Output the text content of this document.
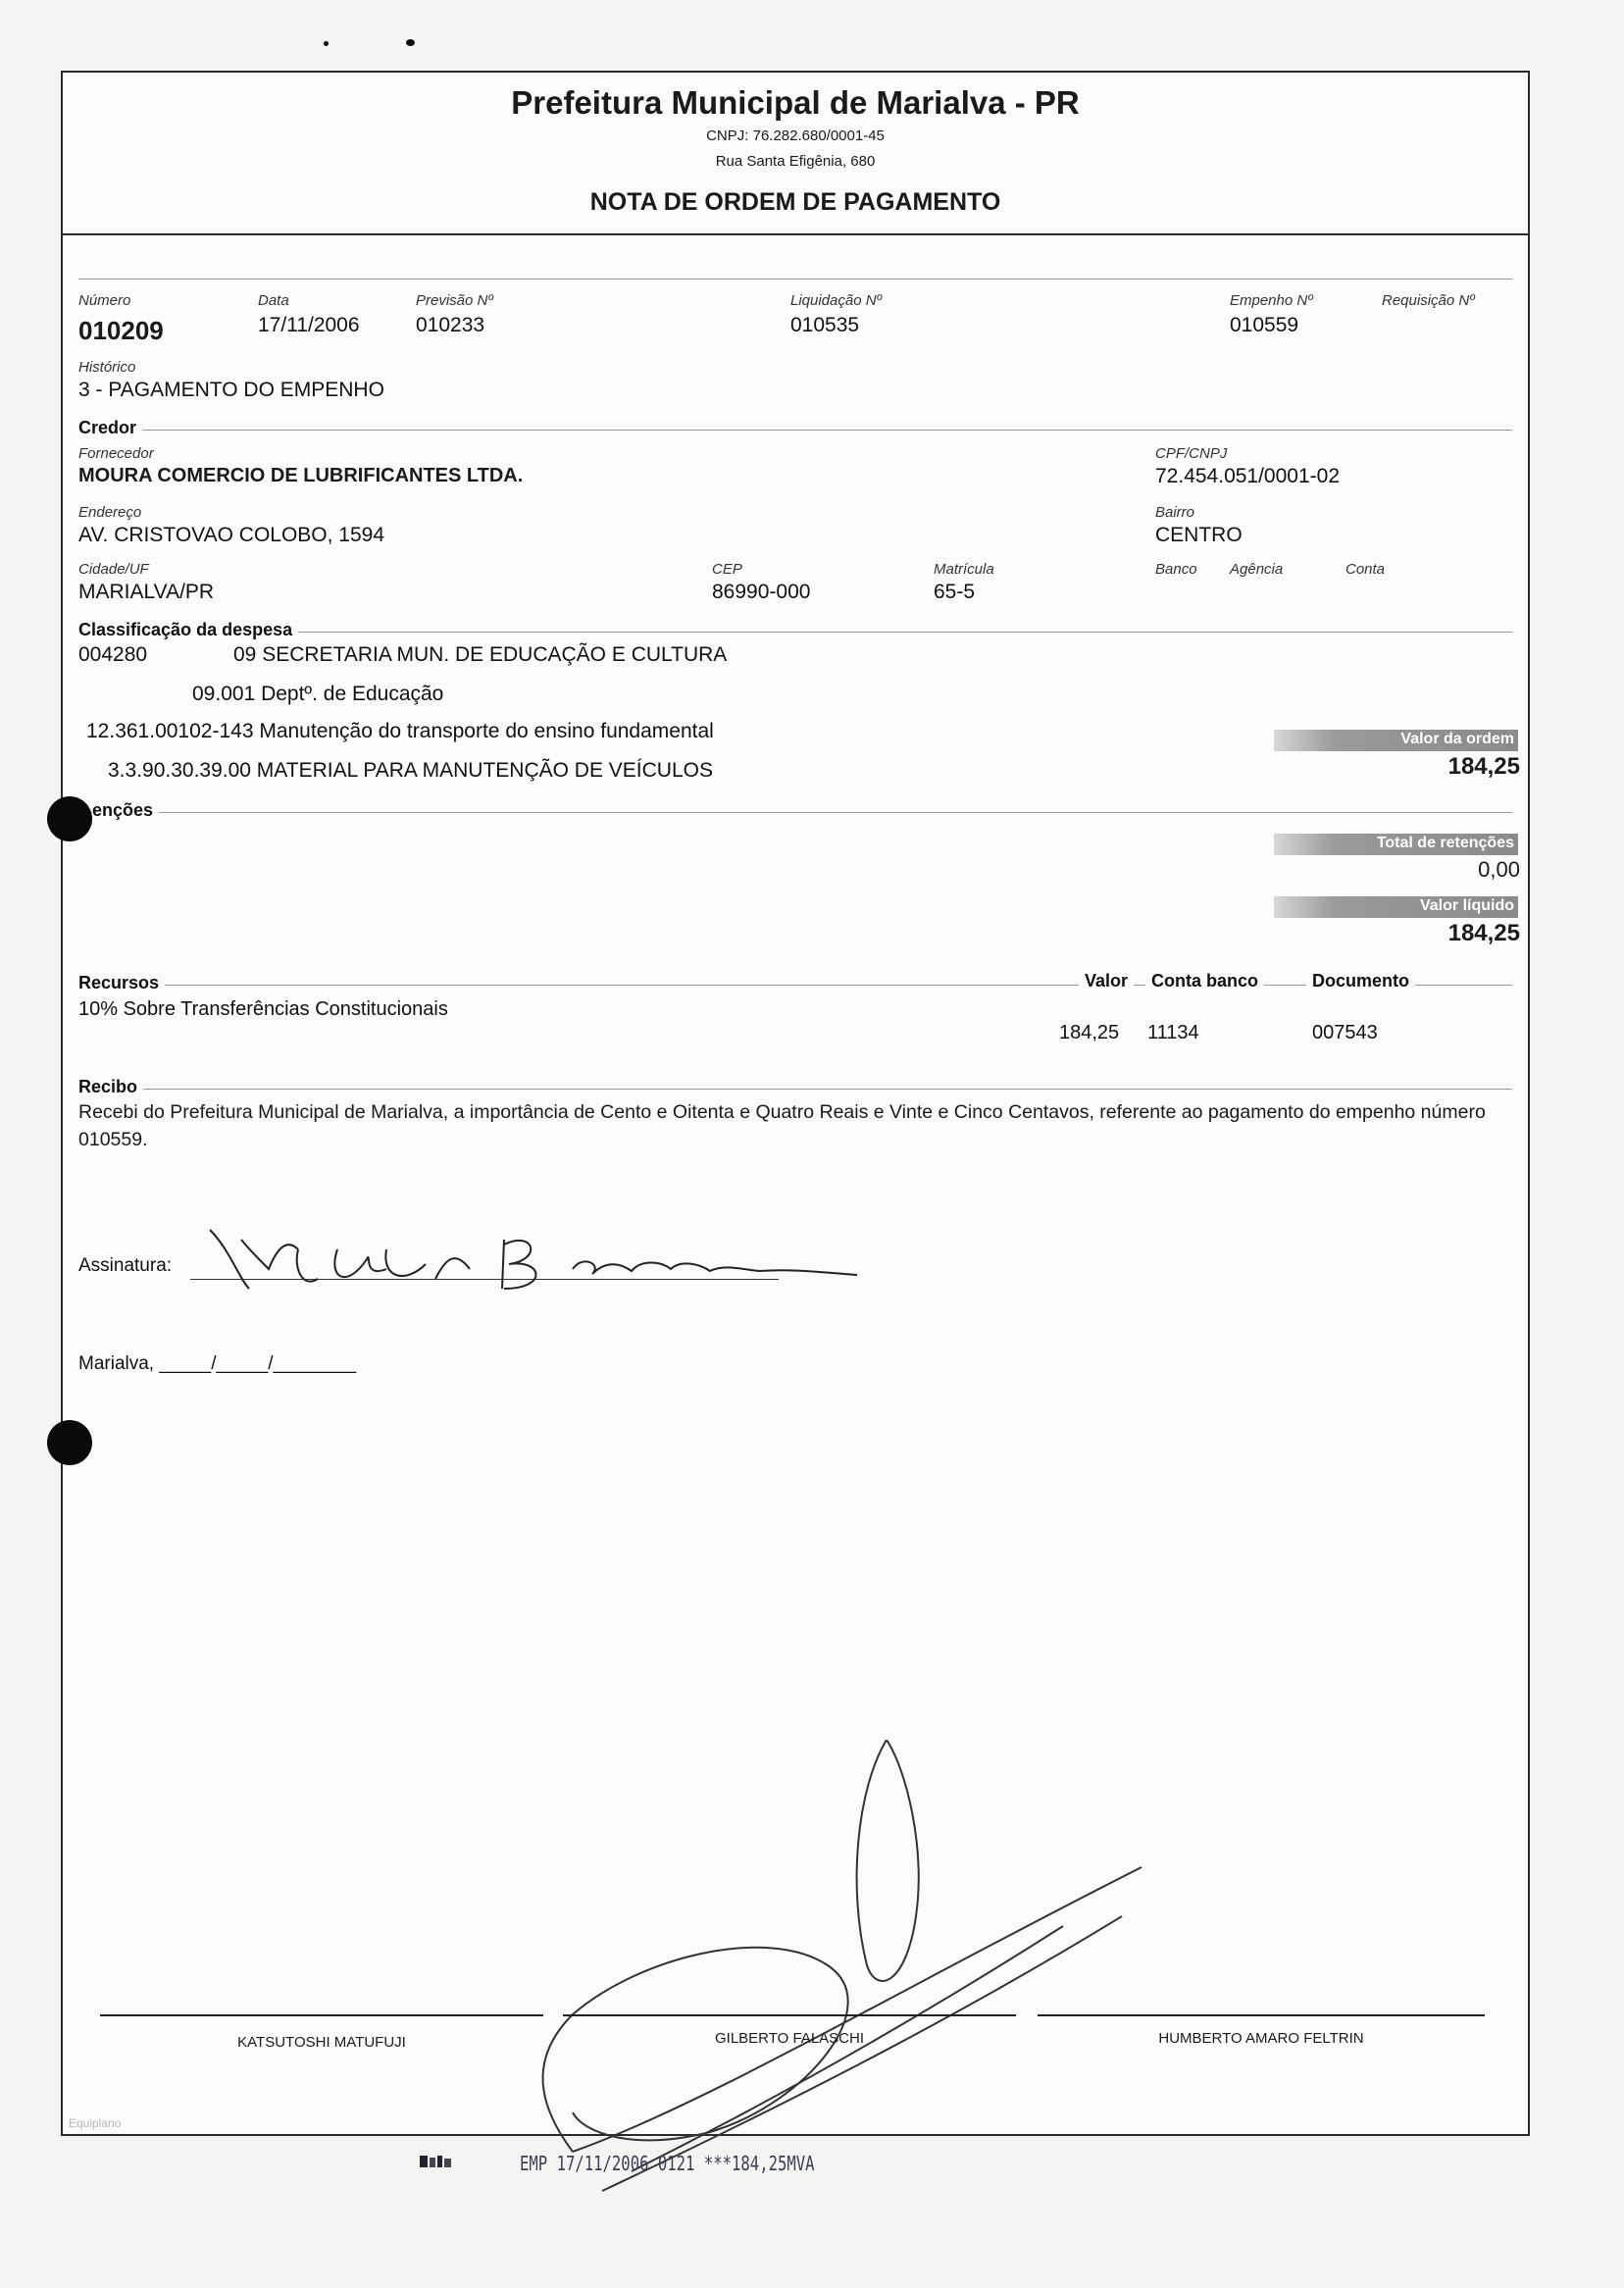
Prefeitura Municipal de Marialva - PR
CNPJ: 76.282.680/0001-45
Rua Santa Efigênia, 680
NOTA DE ORDEM DE PAGAMENTO
Número
010209
Data
17/11/2006
Previsão Nº
010233
Liquidação Nº
010535
Empenho Nº
010559
Requisição Nº
Histórico
3 - PAGAMENTO DO EMPENHO
Credor
Fornecedor
MOURA COMERCIO DE LUBRIFICANTES LTDA.
CPF/CNPJ
72.454.051/0001-02
Endereço
AV. CRISTOVAO COLOBO, 1594
Bairro
CENTRO
Cidade/UF
MARIALVA/PR
CEP
86990-000
Matrícula
65-5
Banco Agência	Conta
Classificação da despesa
004280	09 SECRETARIA MUN. DE EDUCAÇÃO E CULTURA
09.001 Deptº. de Educação
12.361.00102-143 Manutenção do transporte do ensino fundamental
3.3.90.30.39.00 MATERIAL PARA MANUTENÇÃO DE VEÍCULOS
Valor da ordem
184,25
enções
Total de retenções
0,00
Valor líquido
184,25
Recursos	Valor	Conta banco	Documento
10% Sobre Transferências Constitucionais
184,25 11134	007543
Recibo
Recebi do Prefeitura Municipal de Marialva, a importância de Cento e Oitenta e Quatro Reais e Vinte e Cinco Centavos, referente ao pagamento do empenho número 010559.
Assinatura:
Marialva, _____/_____/________
KATSUTOSHI MATUFUJI	GILBERTO FALASCHI	HUMBERTO AMARO FELTRIN
Equiplano
EMP 17/11/2006 0121 ***184,25MVA
